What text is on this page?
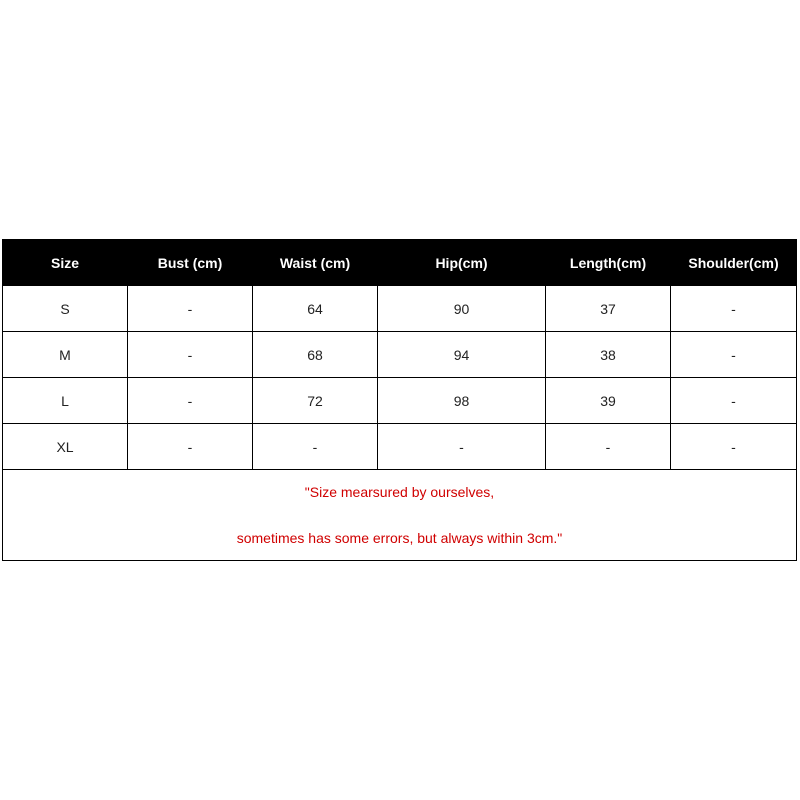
Size	Bust (cm)	Waist (cm)	Hip(cm)	Length(cm)	Shoulder(cm)
S	-	64	90	37	-
M	-	68	94	38	-
L	-	72	98	39	-
XL	-	-	-	-	-

"Size mearsured by ourselves,
sometimes has some errors, but always within 3cm."					
